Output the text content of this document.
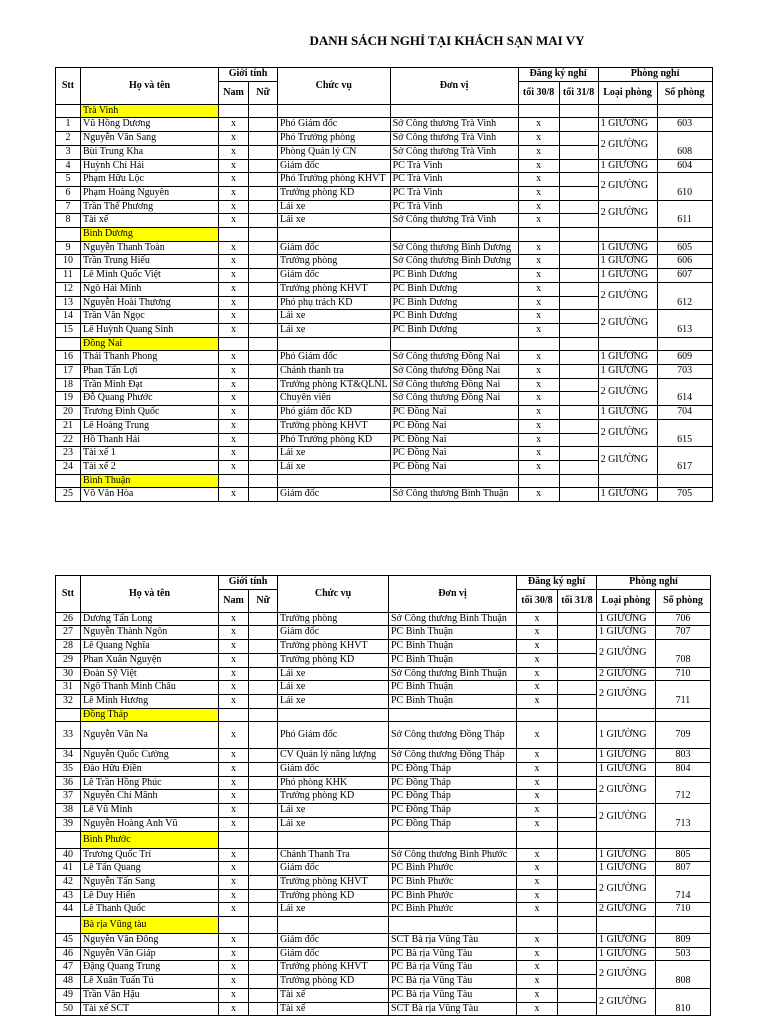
DANH SÁCH NGHỈ TẠI KHÁCH SẠN MAI VY
Stt	Họ và tên	Giới tính		Chức vụ	Đơn vị	Đăng ký nghỉ		Phòng nghỉ	
		Nam	Nữ			tối 30/8	tối 31/8	Loại phòng	Số phòng
	Trà Vinh								
1	Vũ Hồng Dương	x		Phó Giám đốc	Sở Công thương Trà Vinh	x		1 GIƯỜNG	603
2	Nguyễn Văn Sang	x		Phó Trưởng phòng	Sở Công thương Trà Vinh	x		2 GIƯỜNG	608
3	Bùi Trung Kha	x		Phòng Quản lý CN	Sở Công thương Trà Vinh	x			
4	Huỳnh Chí Hải	x		Giám đốc	PC Trà Vinh	x		1 GIƯỜNG	604
5	Phạm Hữu Lộc	x		Phó Trưởng phòng KHVT	PC Trà Vinh	x		2 GIƯỜNG	610
6	Phạm Hoàng Nguyên	x		Trưởng phòng KD	PC Trà Vinh	x			
7	Trần Thế Phương	x		Lái xe	PC Trà Vinh	x		2 GIƯỜNG	611
8	Tài xế	x		Lái xe	Sở Công thương Trà Vinh	x			
	Bình Dương								
9	Nguyễn Thanh Toàn	x		Giám đốc	Sở Công thương Bình Dương	x		1 GIƯỜNG	605
10	Trần Trung Hiếu	x		Trưởng phòng	Sở Công thương Bình Dương	x		1 GIƯỜNG	606
11	Lê Minh Quốc Việt	x		Giám đốc	PC Bình Dương	x		1 GIƯỜNG	607
12	Ngô Hải Minh	x		Trưởng phòng KHVT	PC Bình Dương	x		2 GIƯỜNG	612
13	Nguyễn Hoài Thương	x		Phó phụ trách KD	PC Bình Dương	x			
14	Trần Văn Ngọc	x		Lái xe	PC Bình Dương	x		2 GIƯỜNG	613
15	Lê Huỳnh Quang Sinh	x		Lái xe	PC Bình Dương	x			
	Đồng Nai								
16	Thái Thanh Phong	x		Phó Giám đốc	Sở Công thương Đồng Nai	x		1 GIƯỜNG	609
17	Phan Tấn Lợi	x		Chánh thanh tra	Sở Công thương Đồng Nai	x		1 GIƯỜNG	703
18	Trần Minh Đạt	x		Trưởng phòng KT&QLNL	Sở Công thương Đồng Nai	x		2 GIƯỜNG	614
19	Đỗ Quang Phước	x		Chuyên viên	Sở Công thương Đồng Nai	x			
20	Trương Đình Quốc	x		Phó giám đốc KD	PC Đồng Nai	x		1 GIƯỜNG	704
21	Lê Hoàng Trung	x		Trưởng phòng KHVT	PC Đồng Nai	x		2 GIƯỜNG	615
22	Hồ Thanh Hải	x		Phó Trưởng phòng KD	PC Đồng Nai	x			
23	Tài xế 1	x		Lái xe	PC Đồng Nai	x		2 GIƯỜNG	617
24	Tài xế 2	x		Lái xe	PC Đồng Nai	x			
	Bình Thuận								
25	Võ Văn Hòa	x		Giám đốc	Sở Công thương Bình Thuận	x		1 GIƯỜNG	705
Stt	Họ và tên	Giới tính		Chức vụ	Đơn vị	Đăng ký nghỉ		Phòng nghỉ	
		Nam	Nữ			tối 30/8	tối 31/8	Loại phòng	Số phòng
26	Dương Tấn Long	x		Trưởng phòng	Sở Công thương Bình Thuận	x		1 GIƯỜNG	706
27	Nguyễn Thành Ngôn	x		Giám đốc	PC Bình Thuận	x		1 GIƯỜNG	707
28	Lê Quang Nghĩa	x		Trưởng phòng KHVT	PC Bình Thuận	x		2 GIƯỜNG	708
29	Phan Xuân Nguyện	x		Trưởng phòng KD	PC Bình Thuận	x			
30	Đoàn Sỹ Việt	x		Lái xe	Sở Công thương Bình Thuận	x		2 GIƯỜNG	710
31	Ngô Thanh Minh Châu	x		Lái xe	PC Bình Thuận	x		2 GIƯỜNG	711
32	Lê Minh Hương	x		Lái xe	PC Bình Thuận	x			
	Đồng Tháp								
33	Nguyễn Văn Na	x		Phó Giám đốc	Sở Công thương Đồng Tháp	x		1 GIƯỜNG	709
34	Nguyễn Quốc Cường	x		CV Quản lý năng lượng	Sở Công thương Đồng Tháp	x		1 GIƯỜNG	803
35	Đào Hữu Điền	x		Giám đốc	PC Đồng Tháp	x		1 GIƯỜNG	804
36	Lê Trần Hồng Phúc	x		Phó phòng KHK	PC Đồng Tháp	x		2 GIƯỜNG	712
37	Nguyễn Chí Mãnh	x		Trưởng phòng KD	PC Đồng Tháp	x			
38	Lê Vũ Minh	x		Lái xe	PC Đồng Tháp	x		2 GIƯỜNG	713
39	Nguyễn Hoàng Anh Vũ	x		Lái xe	PC Đồng Tháp	x			
	Bình Phước								
40	Trương Quốc Trí	x		Chánh Thanh Tra	Sở Công thương Bình Phước	x		1 GIƯỜNG	805
41	Lê Tấn Quang	x		Giám đốc	PC Bình Phước	x		1 GIƯỜNG	807
42	Nguyễn Tấn Sang	x		Trưởng phòng KHVT	PC Bình Phước	x		2 GIƯỜNG	714
43	Lê Duy Hiển	x		Trưởng phòng KD	PC Bình Phước	x			
44	Lê Thanh Quốc	x		Lái xe	PC Bình Phước	x		2 GIƯỜNG	710
	Bà rịa Vũng tàu								
45	Nguyễn Văn Đông	x		Giám đốc	SCT Bà rịa Vũng Tàu	x		1 GIƯỜNG	809
46	Nguyễn Văn Giáp	x		Giám đốc	PC Bà rịa Vũng Tàu	x		1 GIƯỜNG	503
47	Đặng Quang Trung	x		Trưởng phòng KHVT	PC Bà rịa Vũng Tàu	x		2 GIƯỜNG	808
48	Lê Xuân Tuấn Tú	x		Trưởng phòng KD	PC Bà rịa Vũng Tàu	x			
49	Trần Văn Hậu	x		Tài xế	PC Bà rịa Vũng Tàu	x		2 GIƯỜNG	810
50	Tài xế SCT	x		Tài xế	SCT Bà rịa Vũng Tàu	x			
